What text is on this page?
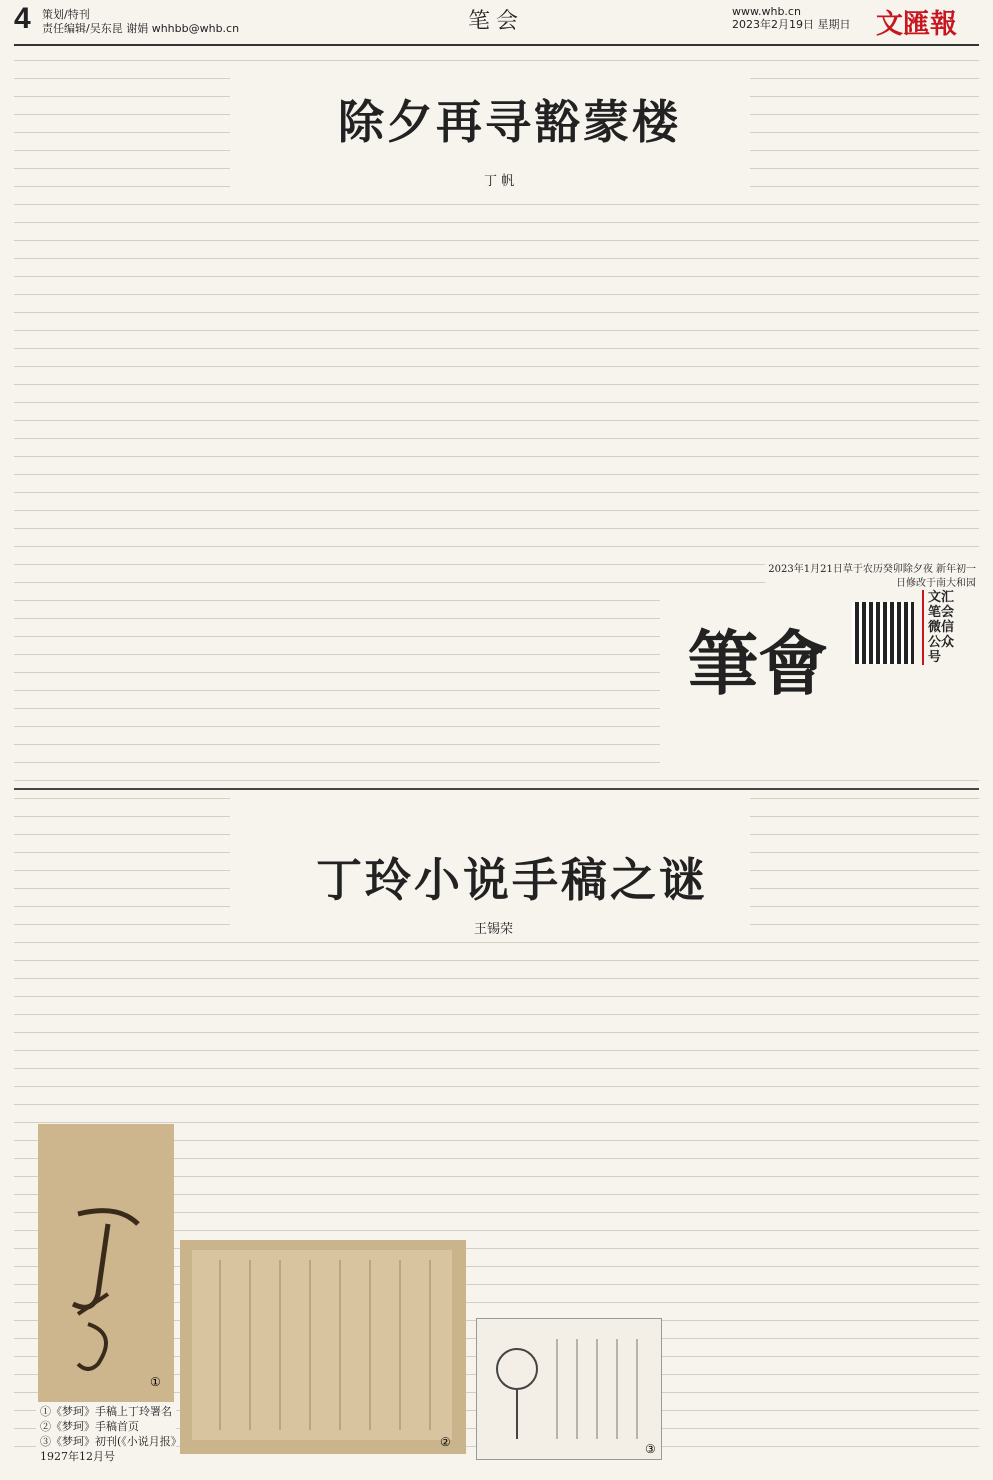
4 策划/特刊
责任编辑/吴东昆 谢娟 whhbb@whb.cn	笔会	www.whb.cn
2023年2月19日 星期日 文匯報
除夕再寻豁蒙楼
丁 帆
2023年1月21日草于农历癸卯除夕夜 新年初一日修改于南大和园
筆會
文汇笔会微信公众号
丁玲小说手稿之谜
王锡荣
①
②	③
①《梦珂》手稿上丁玲署名
②《梦珂》手稿首页
③《梦珂》初刊(《小说月报》
1927年12月号
